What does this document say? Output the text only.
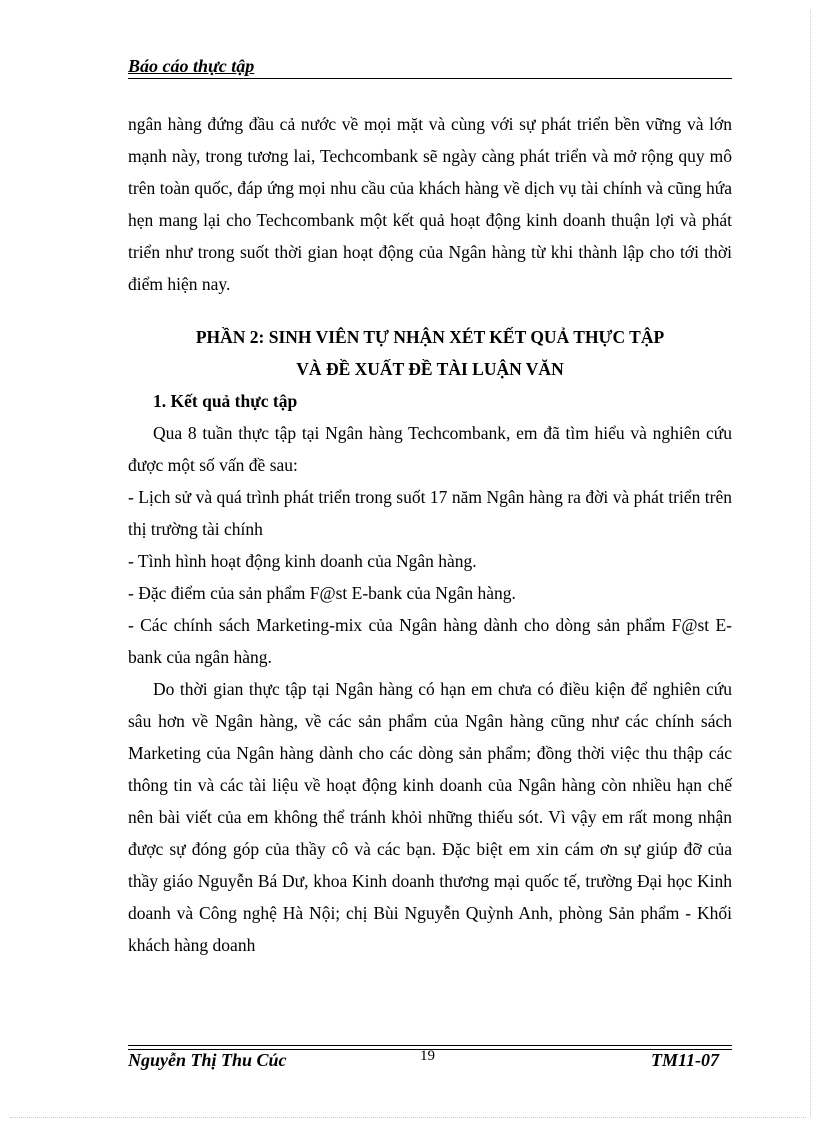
Báo cáo thực tập

ngân hàng đứng đầu cả nước về mọi mặt và cùng với sự phát triển bền vững và lớn mạnh này, trong tương lai, Techcombank sẽ ngày càng phát triển và mở rộng quy mô trên toàn quốc, đáp ứng mọi nhu cầu của khách hàng về dịch vụ tài chính và cũng hứa hẹn mang lại cho Techcombank một kết quả hoạt động kinh doanh thuận lợi và phát triển như trong suốt thời gian hoạt động của Ngân hàng từ khi thành lập cho tới thời điểm hiện nay.

PHẦN 2: SINH VIÊN TỰ NHẬN XÉT KẾT QUẢ THỰC TẬP

VÀ ĐỀ XUẤT ĐỀ TÀI LUẬN VĂN

1. Kết quả thực tập

Qua 8 tuần thực tập tại Ngân hàng Techcombank, em đã tìm hiểu và nghiên cứu được một số vấn đề sau:

- Lịch sử và quá trình phát triển trong suốt 17 năm Ngân hàng ra đời và phát triển trên thị trường tài chính

- Tình hình hoạt động kinh doanh của Ngân hàng.

- Đặc điểm của sản phẩm F@st E-bank của Ngân hàng.

- Các chính sách Marketing-mix của Ngân hàng dành cho dòng sản phẩm F@st E-bank của ngân hàng.

Do thời gian thực tập tại Ngân hàng có hạn em chưa có điều kiện để nghiên cứu sâu hơn về Ngân hàng, về các sản phẩm của Ngân hàng cũng như các chính sách Marketing của Ngân hàng dành cho các dòng sản phẩm; đồng thời việc thu thập các thông tin và các tài liệu về hoạt động kinh doanh của Ngân hàng còn nhiều hạn chế nên bài viết của em không thể tránh khỏi những thiếu sót. Vì vậy em rất mong nhận được sự đóng góp của thầy cô và các bạn. Đặc biệt em xin cám ơn sự giúp đỡ của thầy giáo Nguyễn Bá Dư, khoa Kinh doanh thương mại quốc tế, trường Đại học Kinh doanh và Công nghệ Hà Nội; chị Bùi Nguyễn Quỳnh Anh, phòng Sản phẩm - Khối khách hàng doanh

Nguyễn Thị Thu Cúc	19	TM11-07
